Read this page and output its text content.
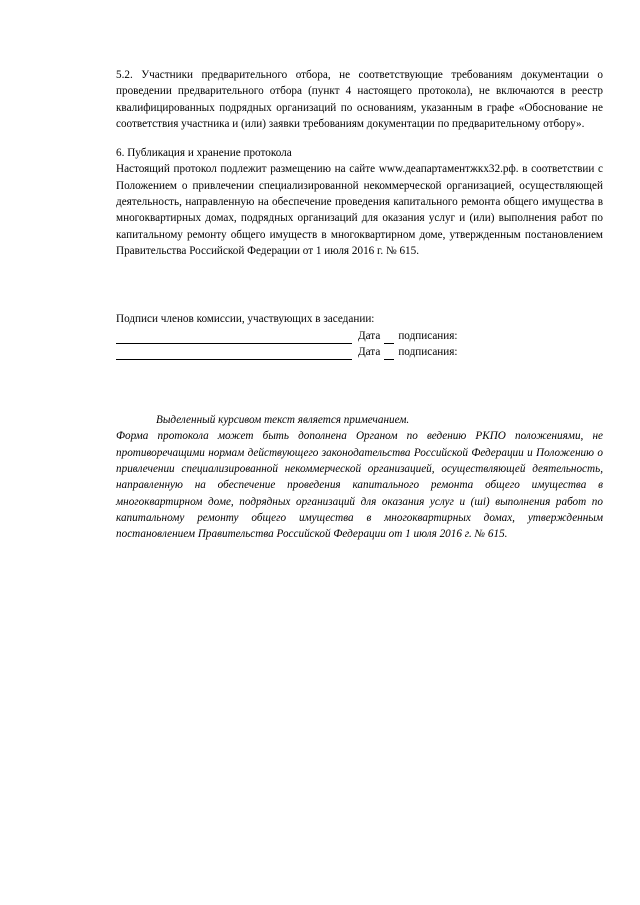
5.2. Участники предварительного отбора, не соответствующие требованиям документации о проведении предварительного отбора (пункт 4 настоящего протокола), не включаются в реестр квалифицированных подрядных организаций по основаниям, указанным в графе «Обоснование не соответствия участника и (или) заявки требованиям документации по предварительному отбору».

6. Публикация и хранение протокола

Настоящий протокол подлежит размещению на сайте www.деапартаментжкх32.рф. в соответствии с Положением о привлечении специализированной некоммерческой организацией, осуществляющей деятельность, направленную на обеспечение проведения капитального ремонта общего имущества в многоквартирных домах, подрядных организаций для оказания услуг и (или) выполнения работ по капитальному ремонту общего имуществ в многоквартирном доме, утвержденным постановлением Правительства Российской Федерации от 1 июля 2016 г. № 615.

Подписи членов комиссии, участвующих в заседании:

Дата подписания:
Дата подписания:

Выделенный курсивом текст является примечанием.

Форма протокола может быть дополнена Органом по ведению РКПО положениями, не противоречащими нормам действующего законодательства Российской Федерации и Положению о привлечении специализированной некоммерческой организацией, осуществляющей деятельность, направленную на обеспечение проведения капитального ремонта общего имущества в многоквартирном доме, подрядных организаций для оказания услуг и (ші) выполнения работ по капитальному ремонту общего имущества в многоквартирных домах, утвержденным постановлением Правительства Российской Федерации от 1 июля 2016 г. № 615.
